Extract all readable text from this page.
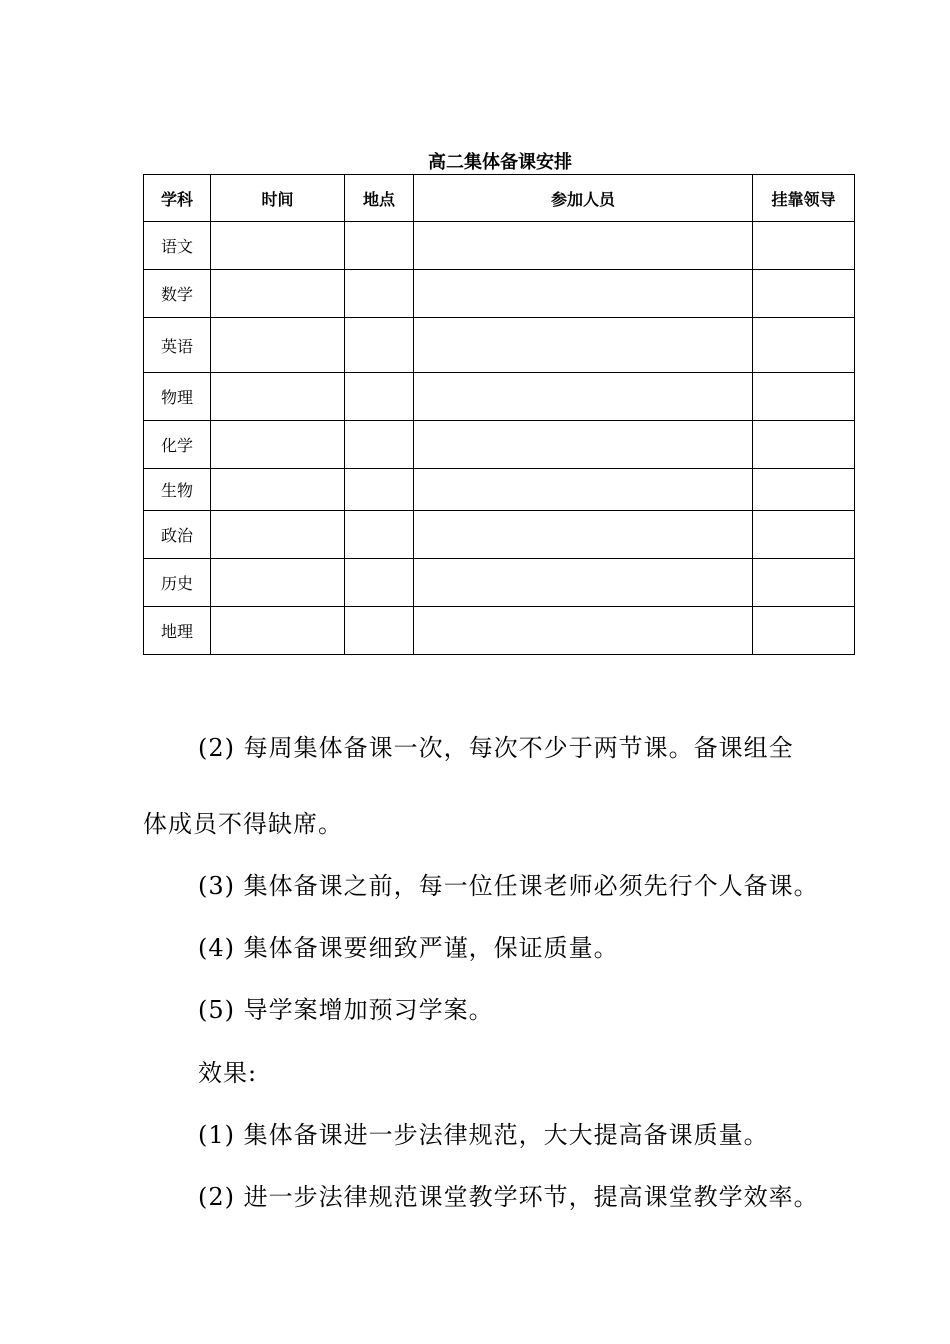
高二集体备课安排
学科	时间	地点	参加人员	挂靠领导
语文				
数学				
英语				
物理				
化学				
生物				
政治				
历史				
地理				
(2) 每周集体备课一次，每次不少于两节课。备课组全
体成员不得缺席。
(3) 集体备课之前，每一位任课老师必须先行个人备课。
(4) 集体备课要细致严谨，保证质量。
(5) 导学案增加预习学案。
效果:
(1) 集体备课进一步法律规范，大大提高备课质量。
(2) 进一步法律规范课堂教学环节，提高课堂教学效率。
